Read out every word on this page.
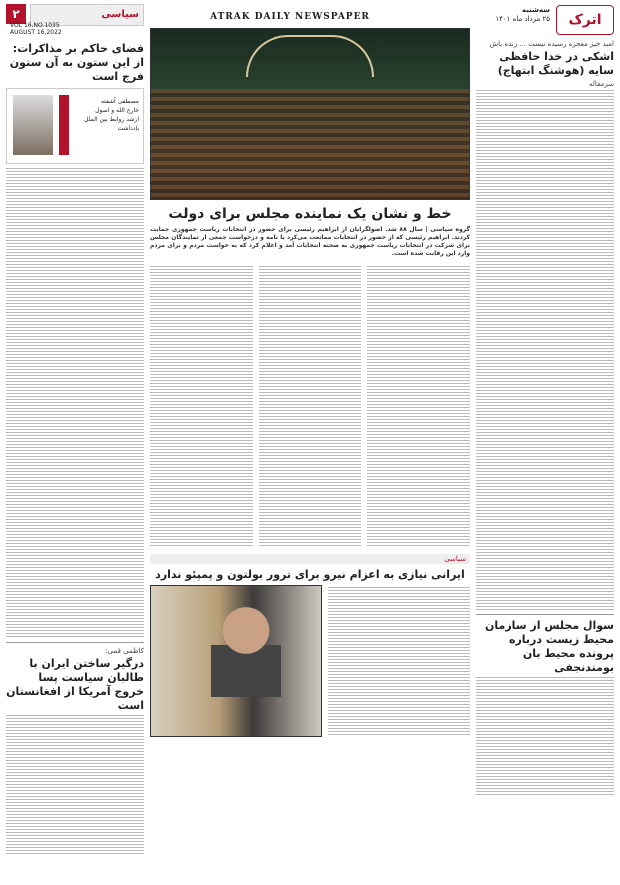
اترک
سه‌شنبه
۲۵ مرداد ماه ۱۴۰۱
ATRAK DAILY NEWSPAPER
۲	سیاسی
VOL 16,NO.1035
AUGUST 16,2022
امید خیز معجزه رسیده نیست ... زنده باش
اشکی در خدا حافظی سایه (هوشنگ ابتهاج)
سرمقاله
سوال مجلس از سازمان محیط زیست درباره پرونده محیط بان بومندنجفی
فضای حاکم بر مذاکرات: از این ستون به آن ستون فرج است
مصطفی آشفته
خارج الله و اصول
ارشد روابط بین الملل
یادداشت
کاظمی قمی:
درگیر ساختن ایران با طالبان سیاست پسا خروج آمریکا از افغانستان است
خط و نشان یک نماینده مجلس برای دولت
گروه سیاسی | سال ۸۸ شد. اصولگرایان از ابراهیم رئیسی برای حضور در انتخابات ریاست جمهوری حمایت کردند. ابراهیم رئیسی که از حضور در انتخابات ممانعت می‌کرد با نامه و درخواست جمعی از نمایندگان مجلس برای شرکت در انتخابات ریاست جمهوری به صحنه انتخابات آمد و اعلام کرد که به خواست مردم و برای مردم وارد این رقابت شده است.
سیاسی
ایرانی نیازی به اعزام نیرو برای ترور بولتون و پمپئو ندارد
